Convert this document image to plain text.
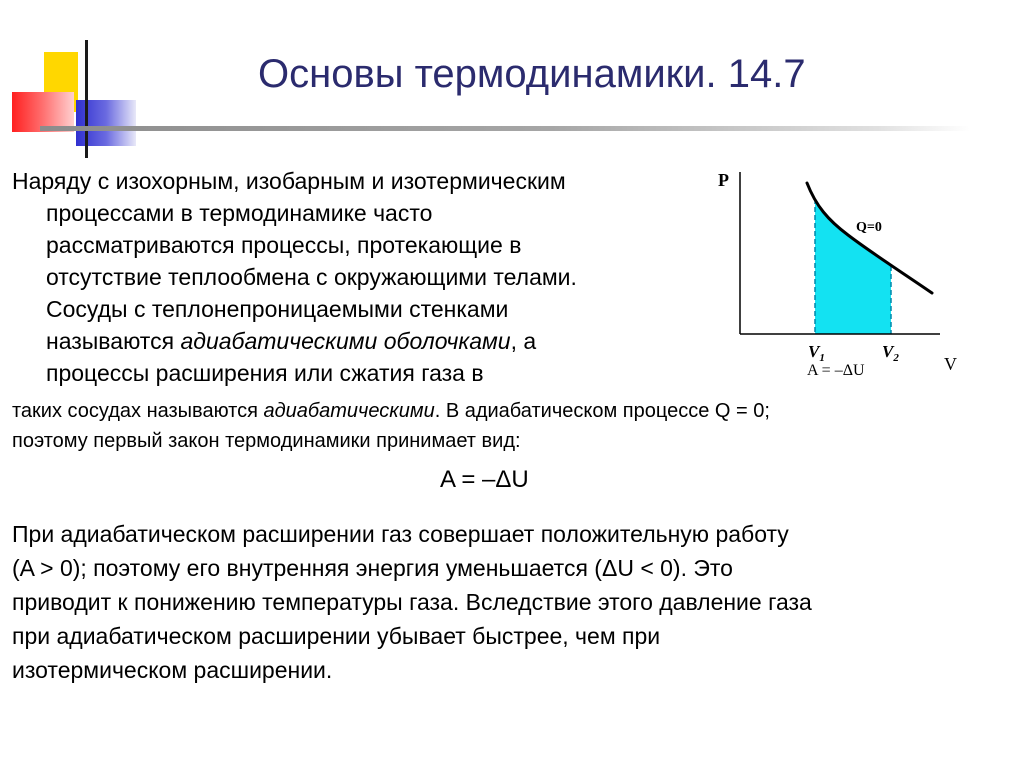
Основы термодинамики. 14.7
Наряду с изохорным, изобарным и изотермическим
процессами в термодинамике часто
рассматриваются процессы, протекающие в
отсутствие теплообмена с окружающими телами.
Сосуды с теплонепроницаемыми стенками
называются адиабатическими оболочками, а
процессы расширения или сжатия газа в
P
V
Q=0
$V_1$	$V_2$
A = –ΔU
таких сосудах называются адиабатическими. В адиабатическом процессе Q = 0;
поэтому первый закон термодинамики принимает вид:
A = –ΔU
При адиабатическом расширении газ совершает положительную работу
(A > 0); поэтому его внутренняя энергия уменьшается (ΔU < 0). Это
приводит к понижению температуры газа. Вследствие этого давление газа
при адиабатическом расширении убывает быстрее, чем при
изотермическом расширении.
